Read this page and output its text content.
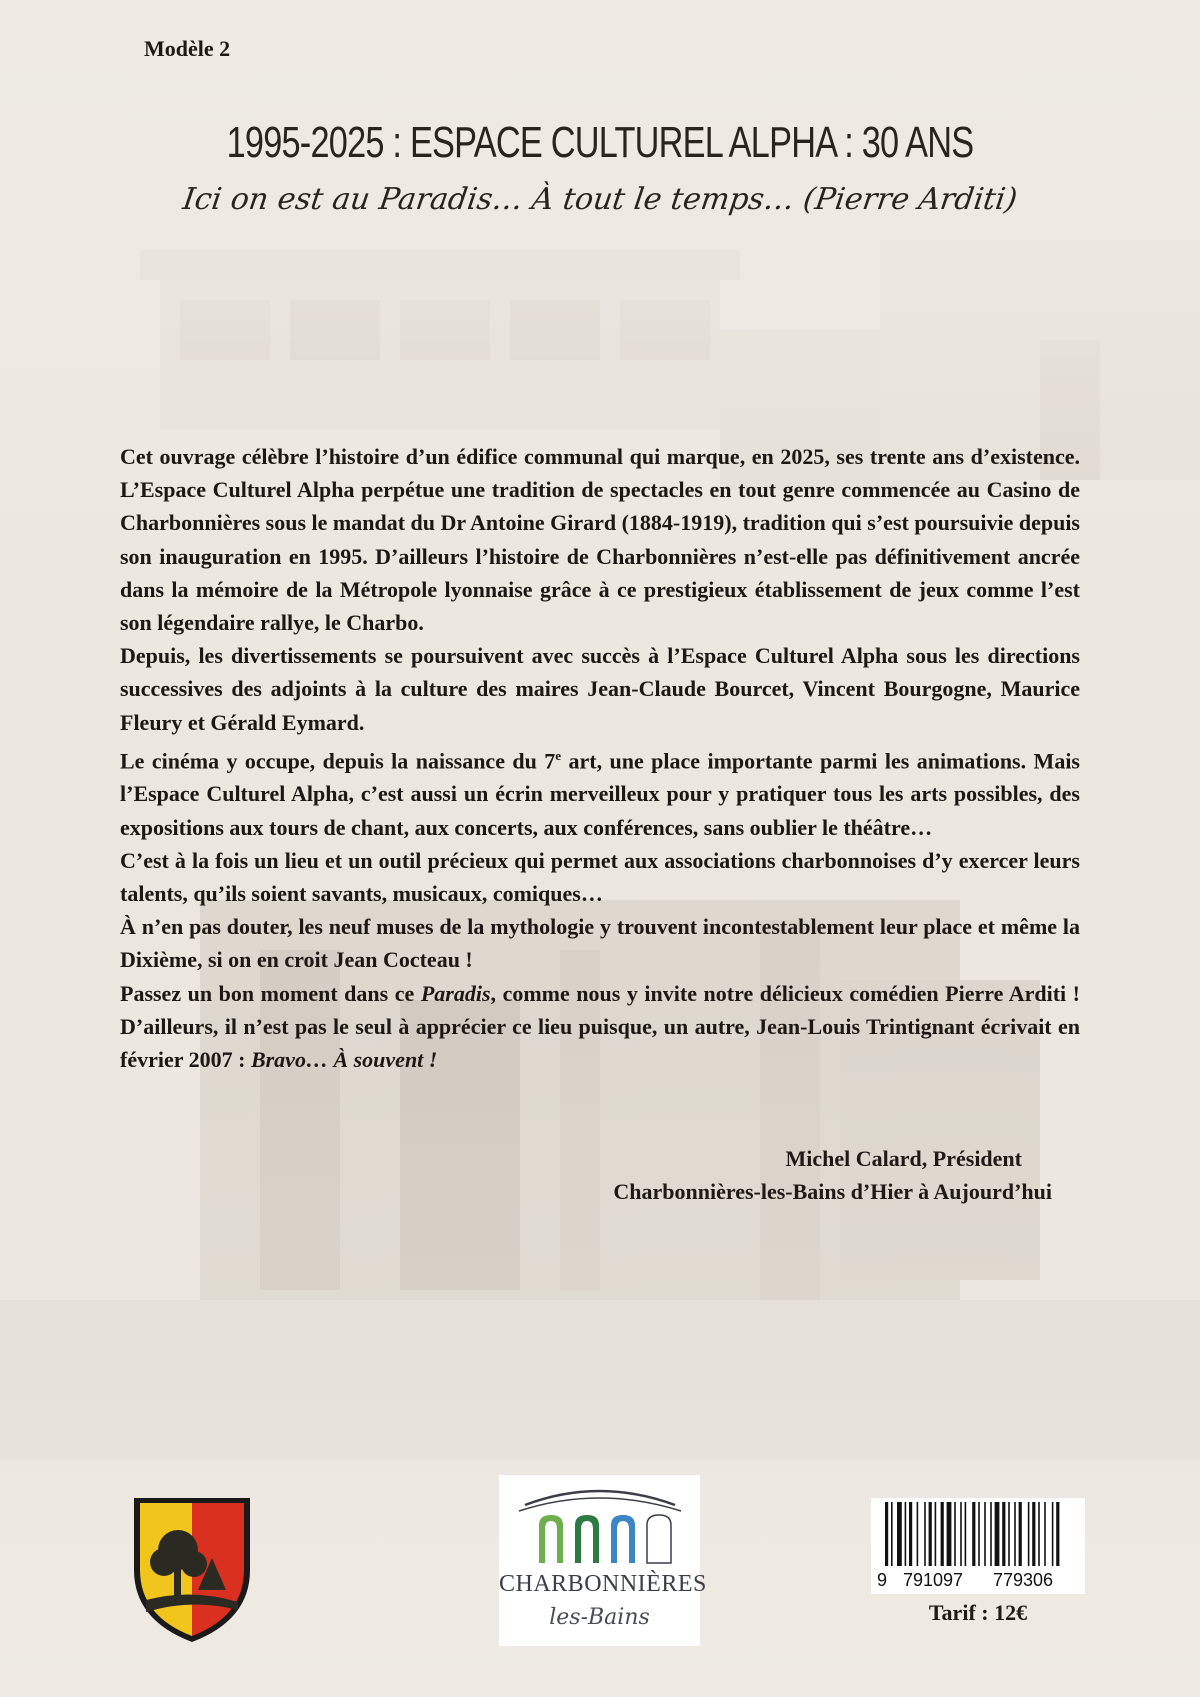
Modèle 2
1995-2025 : ESPACE CULTUREL ALPHA : 30 ANS
Ici on est au Paradis… À tout le temps… (Pierre Arditi)

Cet ouvrage célèbre l’histoire d’un édifice communal qui marque, en 2025, ses trente ans d’existence. L’Espace Culturel Alpha perpétue une tradition de spectacles en tout genre commencée au Casino de Charbonnières sous le mandat du Dr Antoine Girard (1884-1919), tradition qui s’est poursuivie depuis son inauguration en 1995. D’ailleurs l’histoire de Charbonnières n’est-elle pas définitivement ancrée dans la mémoire de la Métropole lyonnaise grâce à ce prestigieux établissement de jeux comme l’est son légendaire rallye, le Charbo.

Depuis, les divertissements se poursuivent avec succès à l’Espace Culturel Alpha sous les directions successives des adjoints à la culture des maires Jean-Claude Bourcet, Vincent Bourgogne, Maurice Fleury et Gérald Eymard.

Le cinéma y occupe, depuis la naissance du 7e art, une place importante parmi les animations. Mais l’Espace Culturel Alpha, c’est aussi un écrin merveilleux pour y pratiquer tous les arts possibles, des expositions aux tours de chant, aux concerts, aux conférences, sans oublier le théâtre…

C’est à la fois un lieu et un outil précieux qui permet aux associations charbonnoises d’y exercer leurs talents, qu’ils soient savants, musicaux, comiques…

À n’en pas douter, les neuf muses de la mythologie y trouvent incontestablement leur place et même la Dixième, si on en croit Jean Cocteau !

Passez un bon moment dans ce Paradis, comme nous y invite notre délicieux comédien Pierre Arditi ! D’ailleurs, il n’est pas le seul à apprécier ce lieu puisque, un autre, Jean-Louis Trintignant écrivait en février 2007 : Bravo… À souvent !

Michel Calard, Président
Charbonnières-les-Bains d’Hier à Aujourd’hui
CHARBONNIÈRES
les-Bains
9 791097 779306
Tarif : 12€
